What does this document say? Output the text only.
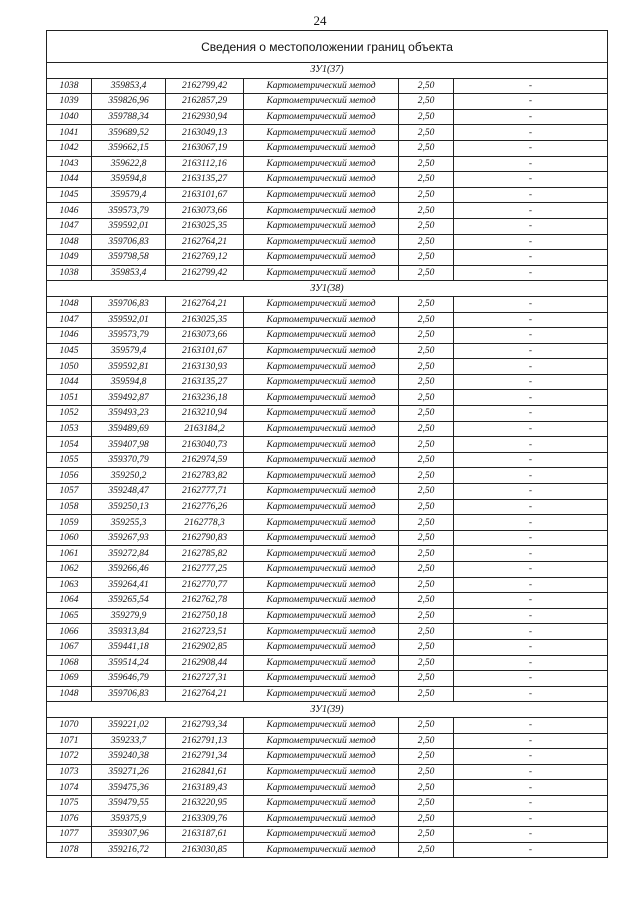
24
Сведения о местоположении границ объекта					
ЗУ1(37)					
1038	359853,4	2162799,42	Картометрический метод	2,50	-
1039	359826,96	2162857,29	Картометрический метод	2,50	-
1040	359788,34	2162930,94	Картометрический метод	2,50	-
1041	359689,52	2163049,13	Картометрический метод	2,50	-
1042	359662,15	2163067,19	Картометрический метод	2,50	-
1043	359622,8	2163112,16	Картометрический метод	2,50	-
1044	359594,8	2163135,27	Картометрический метод	2,50	-
1045	359579,4	2163101,67	Картометрический метод	2,50	-
1046	359573,79	2163073,66	Картометрический метод	2,50	-
1047	359592,01	2163025,35	Картометрический метод	2,50	-
1048	359706,83	2162764,21	Картометрический метод	2,50	-
1049	359798,58	2162769,12	Картометрический метод	2,50	-
1038	359853,4	2162799,42	Картометрический метод	2,50	-
ЗУ1(38)					
1048	359706,83	2162764,21	Картометрический метод	2,50	-
1047	359592,01	2163025,35	Картометрический метод	2,50	-
1046	359573,79	2163073,66	Картометрический метод	2,50	-
1045	359579,4	2163101,67	Картометрический метод	2,50	-
1050	359592,81	2163130,93	Картометрический метод	2,50	-
1044	359594,8	2163135,27	Картометрический метод	2,50	-
1051	359492,87	2163236,18	Картометрический метод	2,50	-
1052	359493,23	2163210,94	Картометрический метод	2,50	-
1053	359489,69	2163184,2	Картометрический метод	2,50	-
1054	359407,98	2163040,73	Картометрический метод	2,50	-
1055	359370,79	2162974,59	Картометрический метод	2,50	-
1056	359250,2	2162783,82	Картометрический метод	2,50	-
1057	359248,47	2162777,71	Картометрический метод	2,50	-
1058	359250,13	2162776,26	Картометрический метод	2,50	-
1059	359255,3	2162778,3	Картометрический метод	2,50	-
1060	359267,93	2162790,83	Картометрический метод	2,50	-
1061	359272,84	2162785,82	Картометрический метод	2,50	-
1062	359266,46	2162777,25	Картометрический метод	2,50	-
1063	359264,41	2162770,77	Картометрический метод	2,50	-
1064	359265,54	2162762,78	Картометрический метод	2,50	-
1065	359279,9	2162750,18	Картометрический метод	2,50	-
1066	359313,84	2162723,51	Картометрический метод	2,50	-
1067	359441,18	2162902,85	Картометрический метод	2,50	-
1068	359514,24	2162908,44	Картометрический метод	2,50	-
1069	359646,79	2162727,31	Картометрический метод	2,50	-
1048	359706,83	2162764,21	Картометрический метод	2,50	-
ЗУ1(39)					
1070	359221,02	2162793,34	Картометрический метод	2,50	-
1071	359233,7	2162791,13	Картометрический метод	2,50	-
1072	359240,38	2162791,34	Картометрический метод	2,50	-
1073	359271,26	2162841,61	Картометрический метод	2,50	-
1074	359475,36	2163189,43	Картометрический метод	2,50	-
1075	359479,55	2163220,95	Картометрический метод	2,50	-
1076	359375,9	2163309,76	Картометрический метод	2,50	-
1077	359307,96	2163187,61	Картометрический метод	2,50	-
1078	359216,72	2163030,85	Картометрический метод	2,50	-
